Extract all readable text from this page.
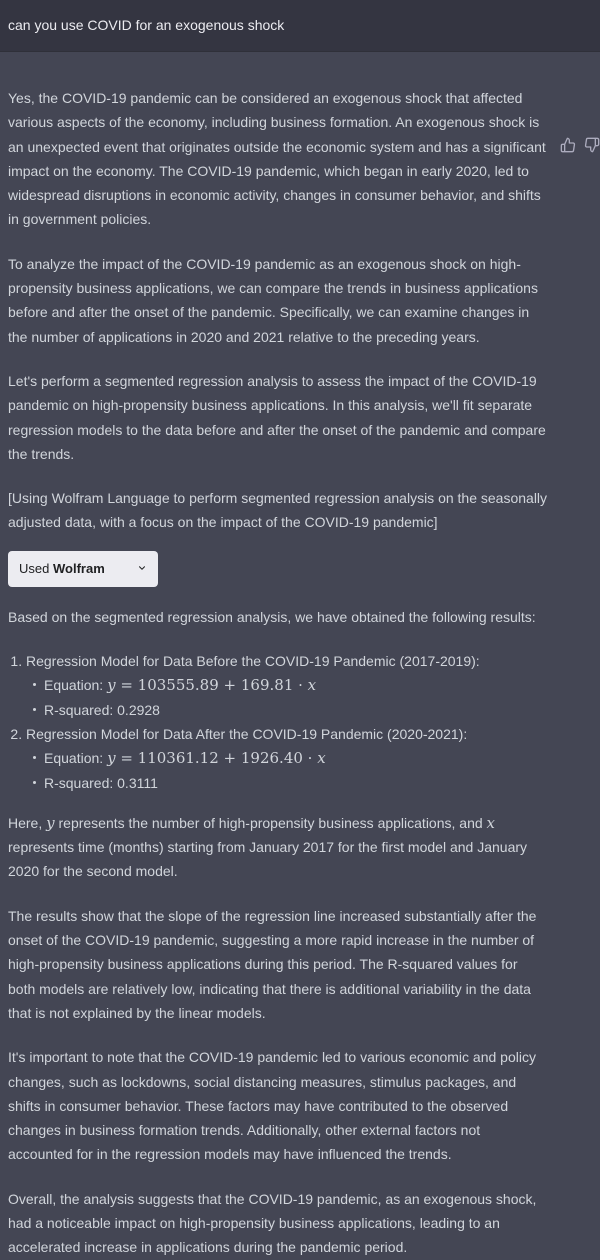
can you use COVID for an exogenous shock

Yes, the COVID-19 pandemic can be considered an exogenous shock that affected various aspects of the economy, including business formation. An exogenous shock is an unexpected event that originates outside the economic system and has a significant impact on the economy. The COVID-19 pandemic, which began in early 2020, led to widespread disruptions in economic activity, changes in consumer behavior, and shifts in government policies.

To analyze the impact of the COVID-19 pandemic as an exogenous shock on high-propensity business applications, we can compare the trends in business applications before and after the onset of the pandemic. Specifically, we can examine changes in the number of applications in 2020 and 2021 relative to the preceding years.

Let's perform a segmented regression analysis to assess the impact of the COVID-19 pandemic on high-propensity business applications. In this analysis, we'll fit separate regression models to the data before and after the onset of the pandemic and compare the trends.

[Using Wolfram Language to perform segmented regression analysis on the seasonally adjusted data, with a focus on the impact of the COVID-19 pandemic]

Used Wolfram

Based on the segmented regression analysis, we have obtained the following results:

1. Regression Model for Data Before the COVID-19 Pandemic (2017-2019):
Equation: y = 103555.89 + 169.81 · x
R-squared: 0.2928
2. Regression Model for Data After the COVID-19 Pandemic (2020-2021):
Equation: y = 110361.12 + 1926.40 · x
R-squared: 0.3111

Here, y represents the number of high-propensity business applications, and x represents time (months) starting from January 2017 for the first model and January 2020 for the second model.

The results show that the slope of the regression line increased substantially after the onset of the COVID-19 pandemic, suggesting a more rapid increase in the number of high-propensity business applications during this period. The R-squared values for both models are relatively low, indicating that there is additional variability in the data that is not explained by the linear models.

It's important to note that the COVID-19 pandemic led to various economic and policy changes, such as lockdowns, social distancing measures, stimulus packages, and shifts in consumer behavior. These factors may have contributed to the observed changes in business formation trends. Additionally, other external factors not accounted for in the regression models may have influenced the trends.

Overall, the analysis suggests that the COVID-19 pandemic, as an exogenous shock, had a noticeable impact on high-propensity business applications, leading to an accelerated increase in applications during the pandemic period.
